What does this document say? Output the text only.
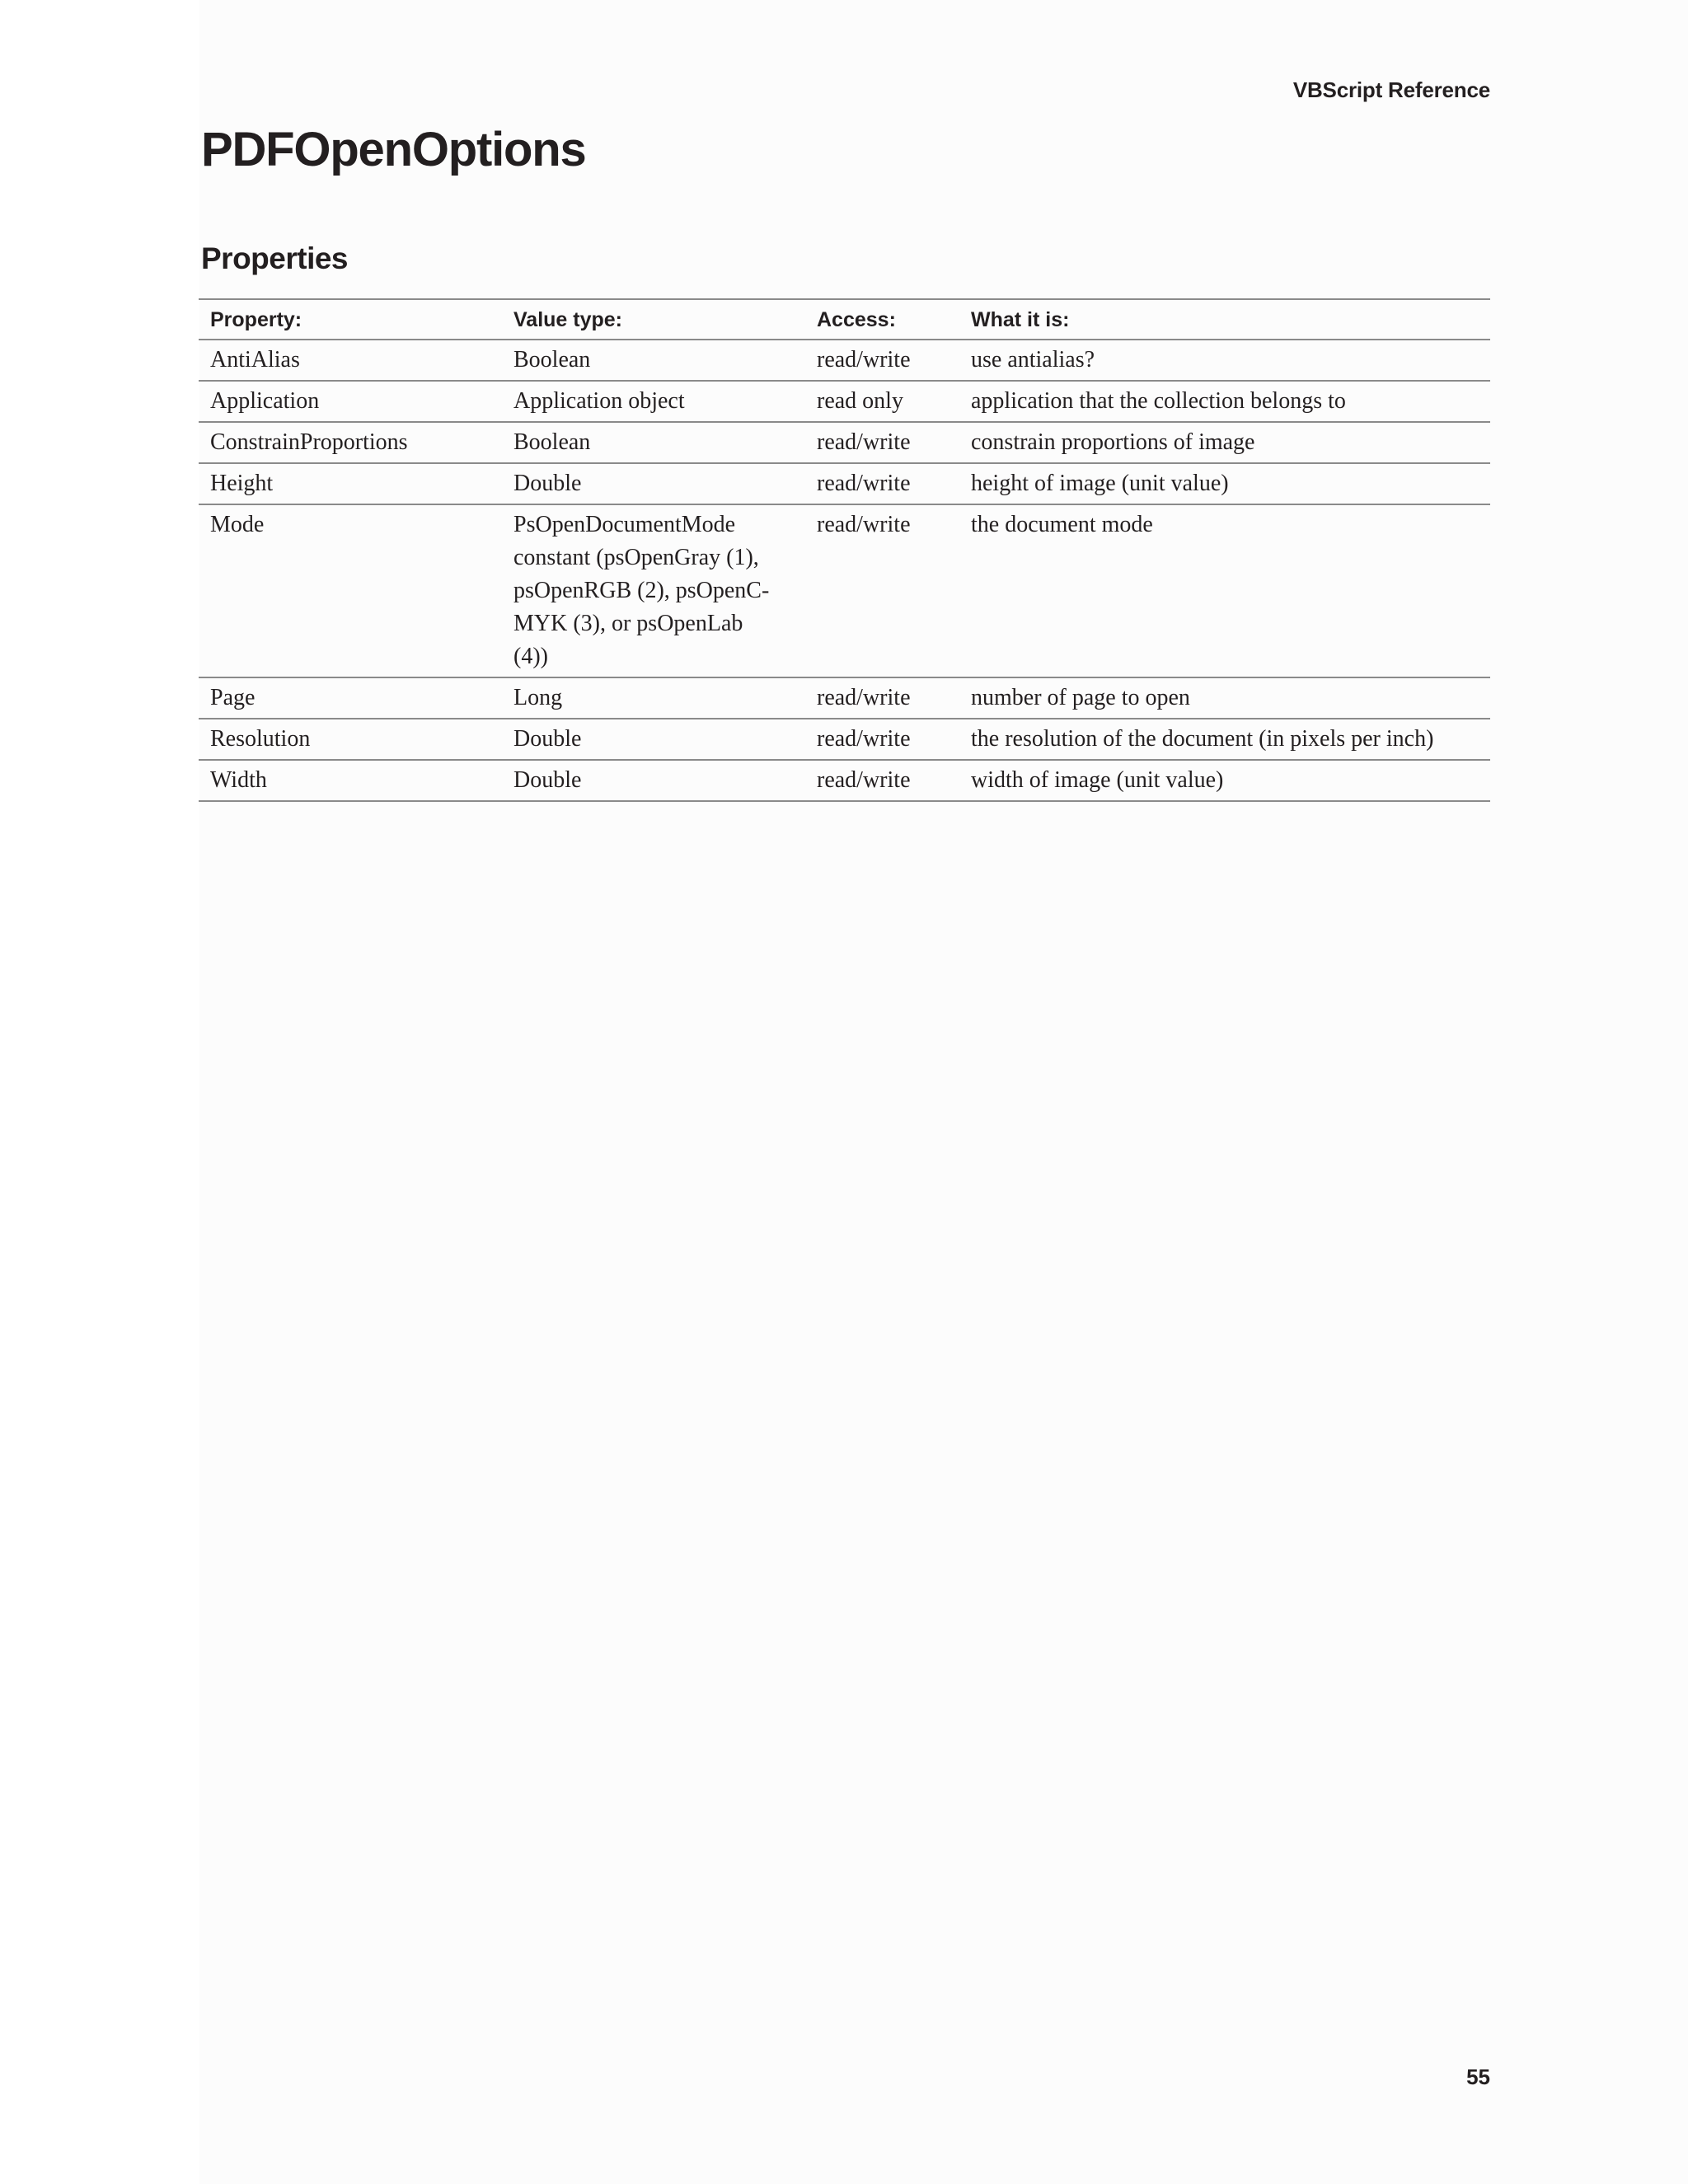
VBScript Reference
PDFOpenOptions
Properties
Property:	Value type:	Access:	What it is:
AntiAlias	Boolean	read/write	use antialias?
Application	Application object	read only	application that the collection belongs to
ConstrainProportions	Boolean	read/write	constrain proportions of image
Height	Double	read/write	height of image (unit value)
Mode	PsOpenDocumentMode constant (psOpenGray (1), psOpenRGB (2), psOpenC-MYK (3), or psOpenLab (4))	read/write	the document mode
Page	Long	read/write	number of page to open
Resolution	Double	read/write	the resolution of the document (in pixels per inch)
Width	Double	read/write	width of image (unit value)
55
